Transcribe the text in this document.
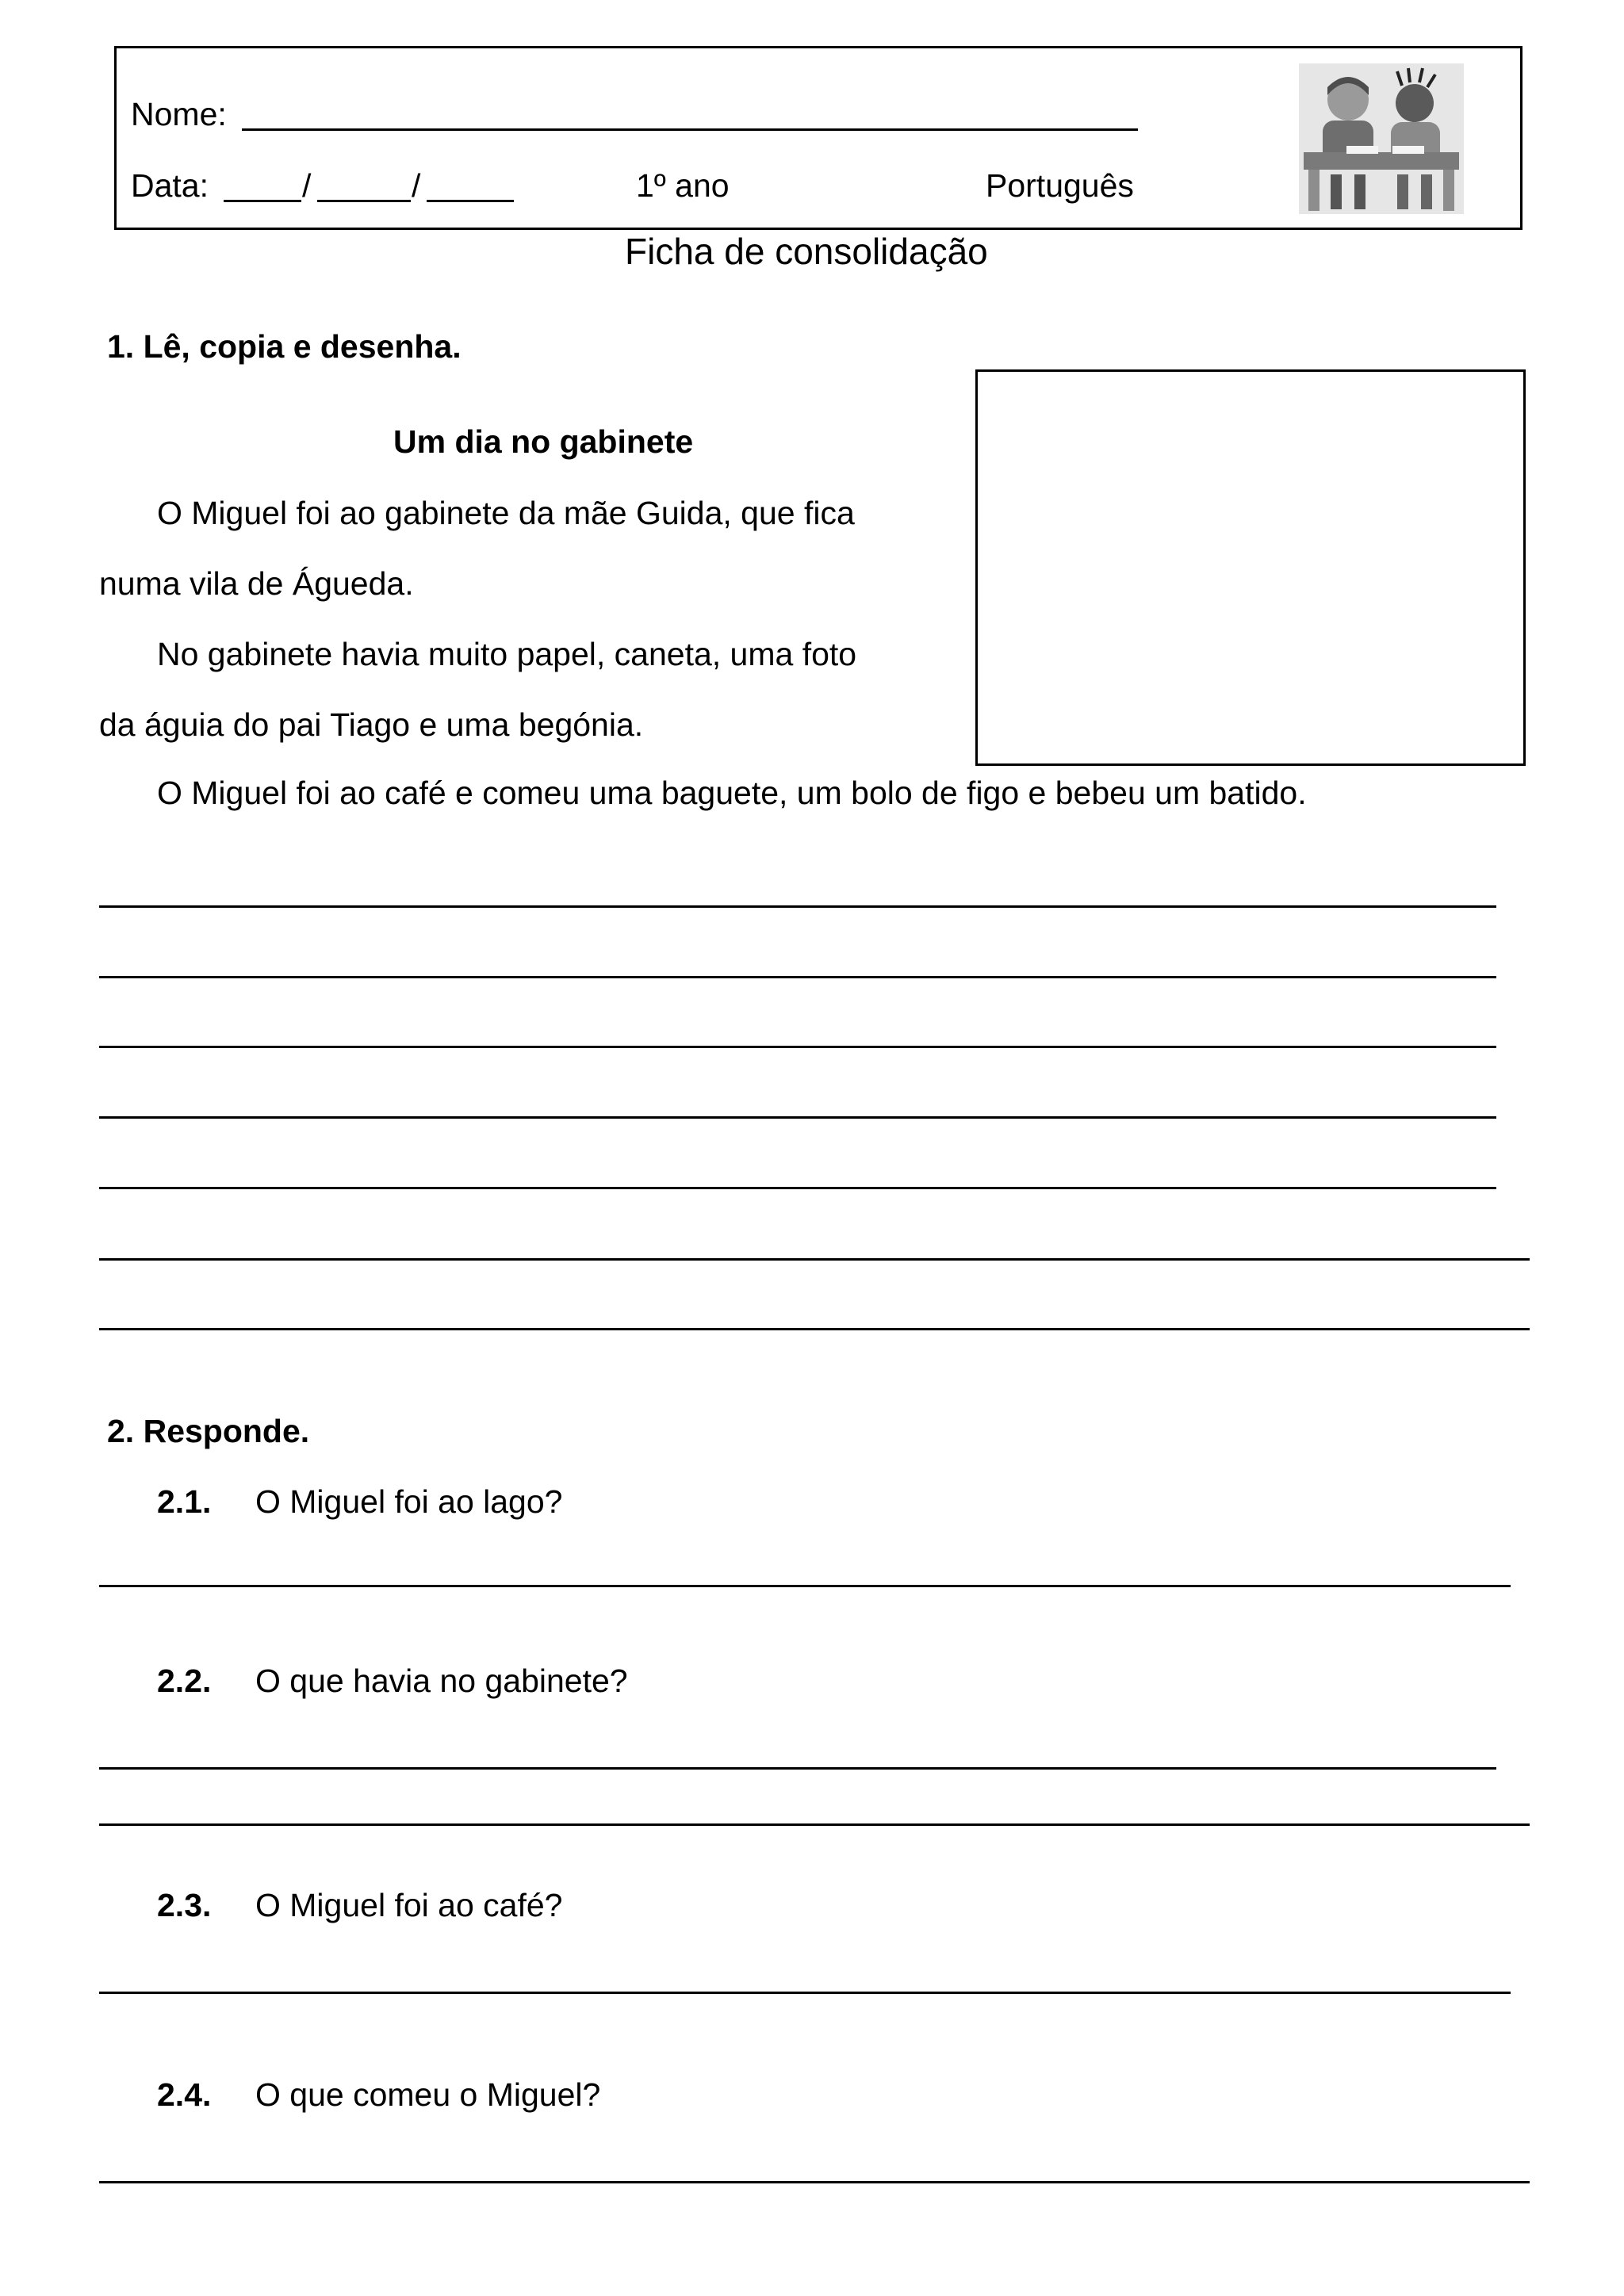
Nome:
Data:	/	/	1º ano	Português
Ficha de consolidação
1. Lê, copia e desenha.
Um dia no gabinete
O Miguel foi ao gabinete da mãe Guida, que fica
numa vila de Águeda.
No gabinete havia muito papel, caneta, uma foto
da águia do pai Tiago e uma begónia.
O Miguel foi ao café e comeu uma baguete, um bolo de figo e bebeu um batido.
2. Responde.
2.1. O Miguel foi ao lago?
2.2. O que havia no gabinete?
2.3. O Miguel foi ao café?
2.4. O que comeu o Miguel?
